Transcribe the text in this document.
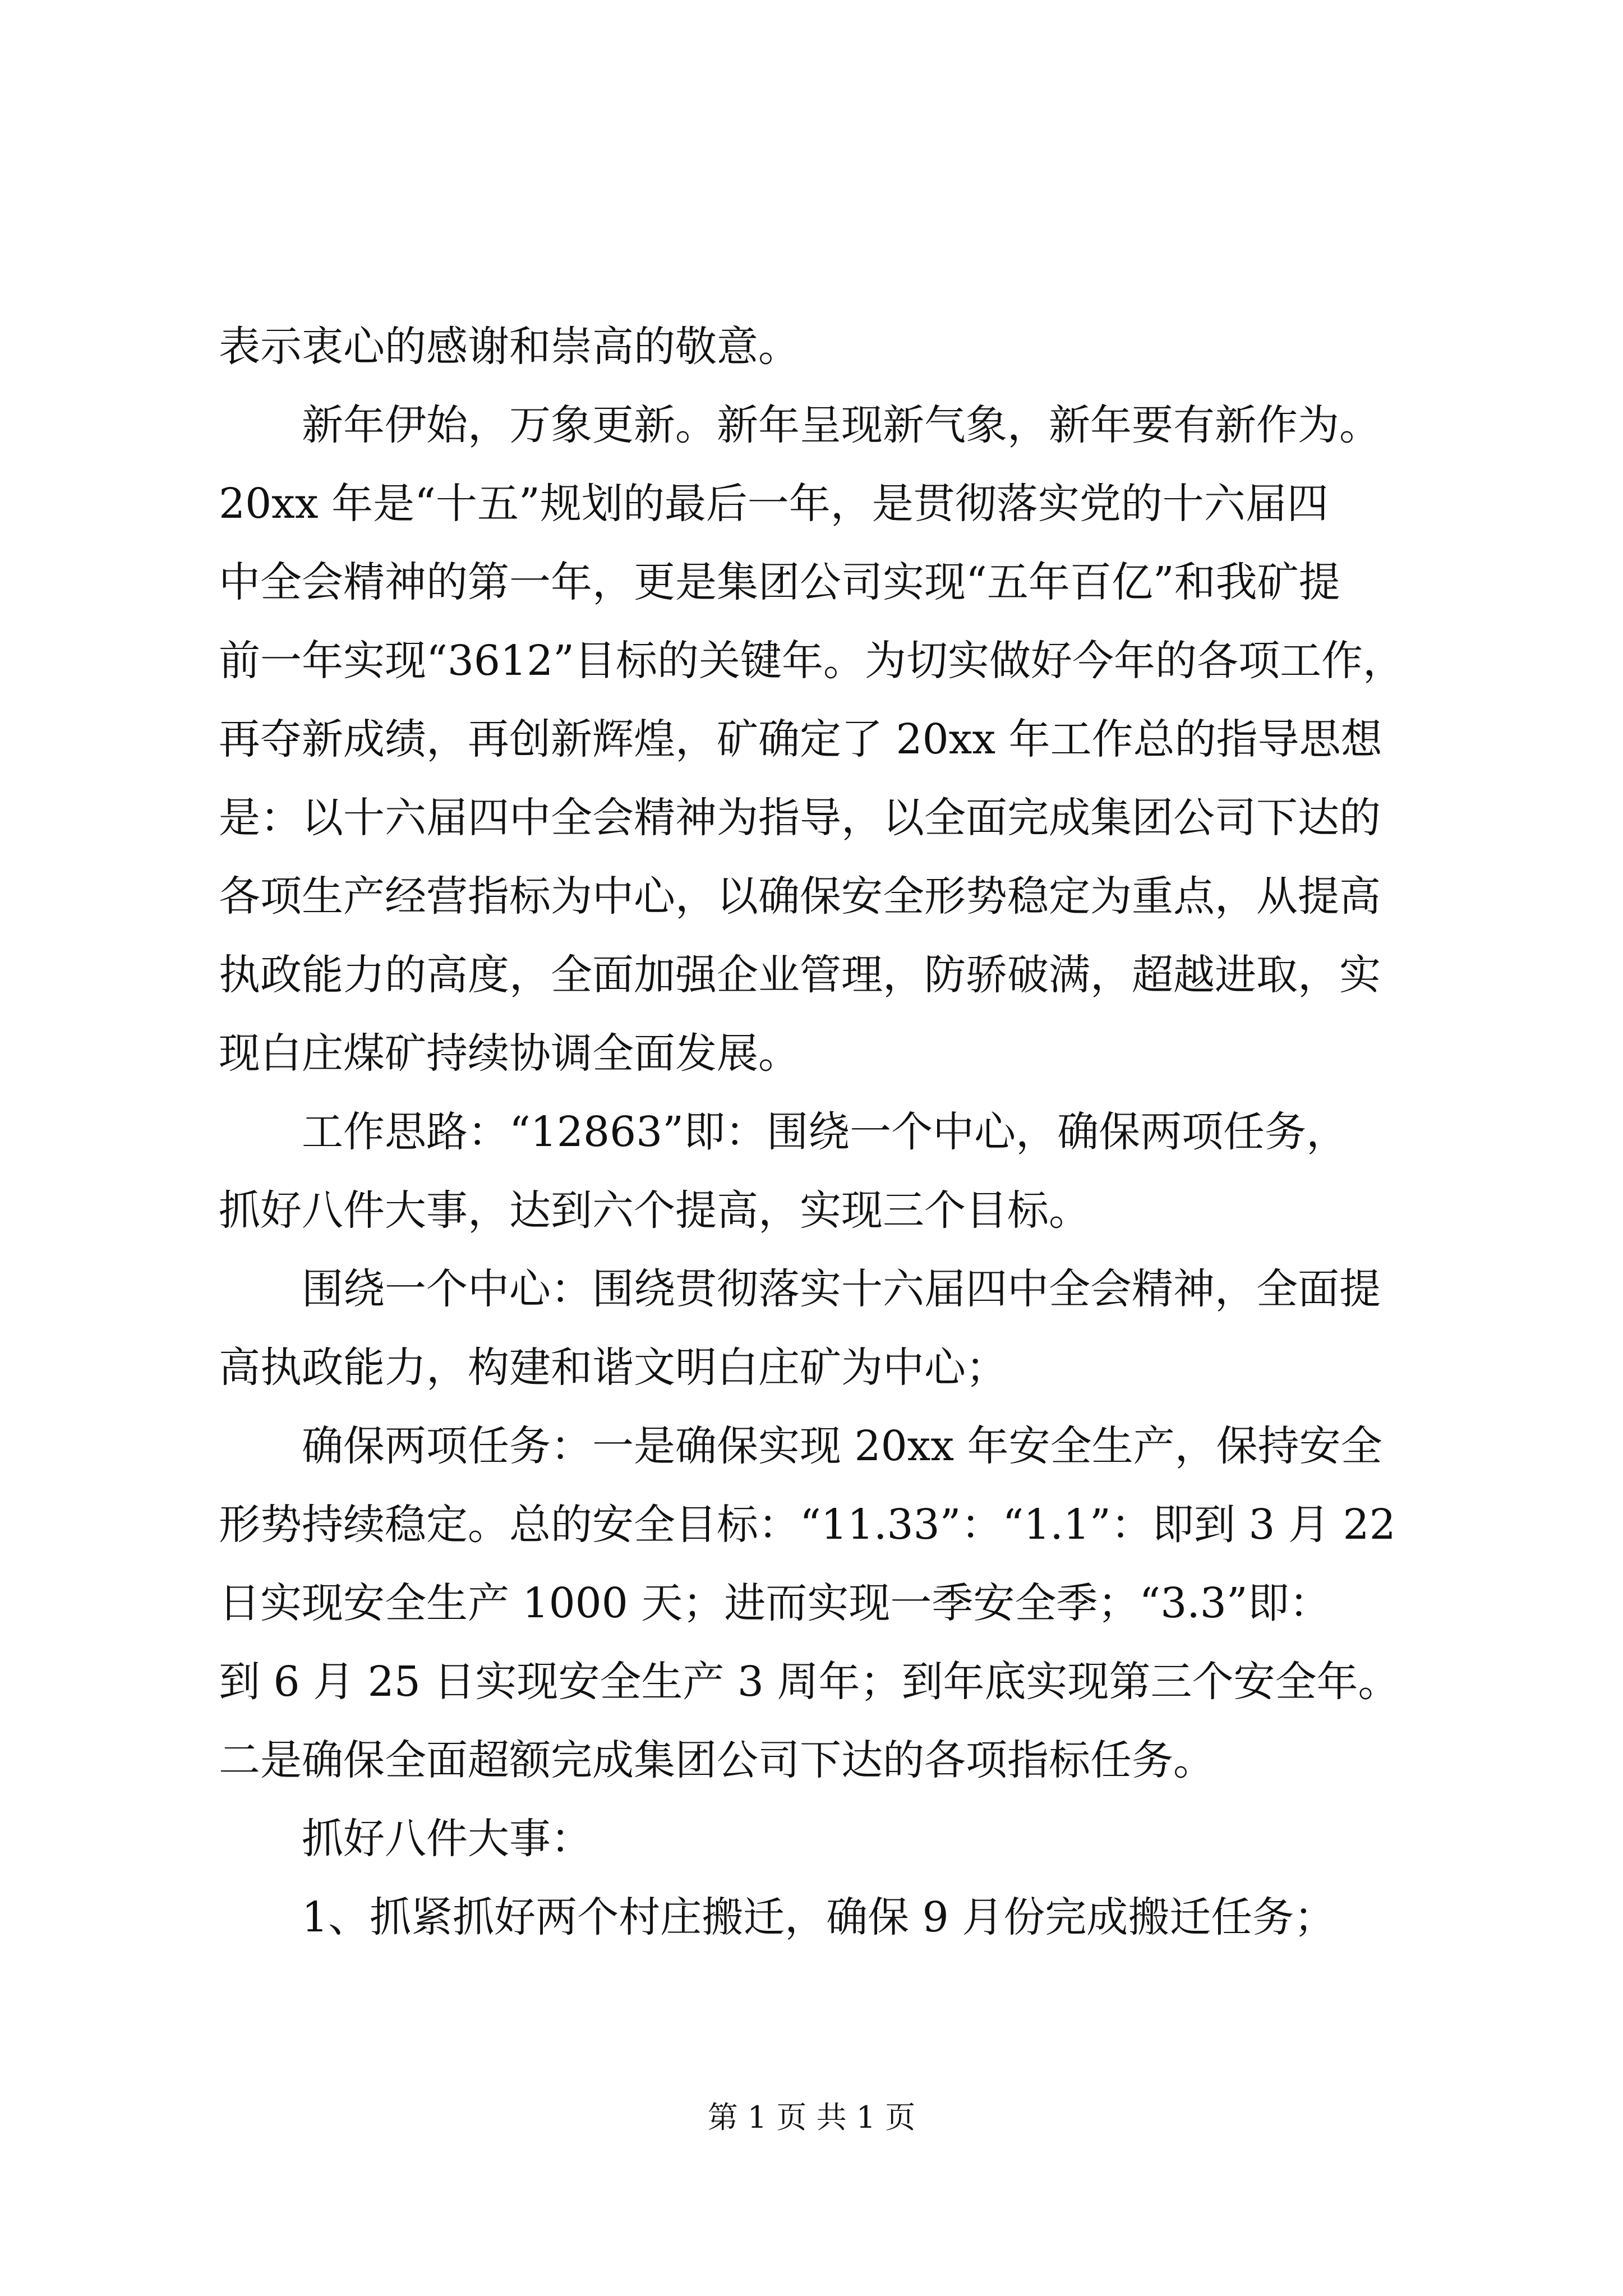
表示衷心的感谢和崇高的敬意。

新年伊始，万象更新。新年呈现新气象，新年要有新作为。

20xx 年是“十五”规划的最后一年，是贯彻落实党的十六届四

中全会精神的第一年，更是集团公司实现“五年百亿”和我矿提

前一年实现“3612”目标的关键年。为切实做好今年的各项工作，

再夺新成绩，再创新辉煌，矿确定了 20xx 年工作总的指导思想

是：以十六届四中全会精神为指导，以全面完成集团公司下达的

各项生产经营指标为中心，以确保安全形势稳定为重点，从提高

执政能力的高度，全面加强企业管理，防骄破满，超越进取，实

现白庄煤矿持续协调全面发展。

工作思路：“12863”即：围绕一个中心，确保两项任务，

抓好八件大事，达到六个提高，实现三个目标。

围绕一个中心：围绕贯彻落实十六届四中全会精神，全面提

高执政能力，构建和谐文明白庄矿为中心；

确保两项任务：一是确保实现 20xx 年安全生产，保持安全

形势持续稳定。总的安全目标：“11.33”：“1.1”：即到 3 月 22

日实现安全生产 1000 天；进而实现一季安全季；“3.3”即：

到 6 月 25 日实现安全生产 3 周年；到年底实现第三个安全年。

二是确保全面超额完成集团公司下达的各项指标任务。

抓好八件大事：

1、抓紧抓好两个村庄搬迁，确保 9 月份完成搬迁任务；

第 1 页 共 1 页
